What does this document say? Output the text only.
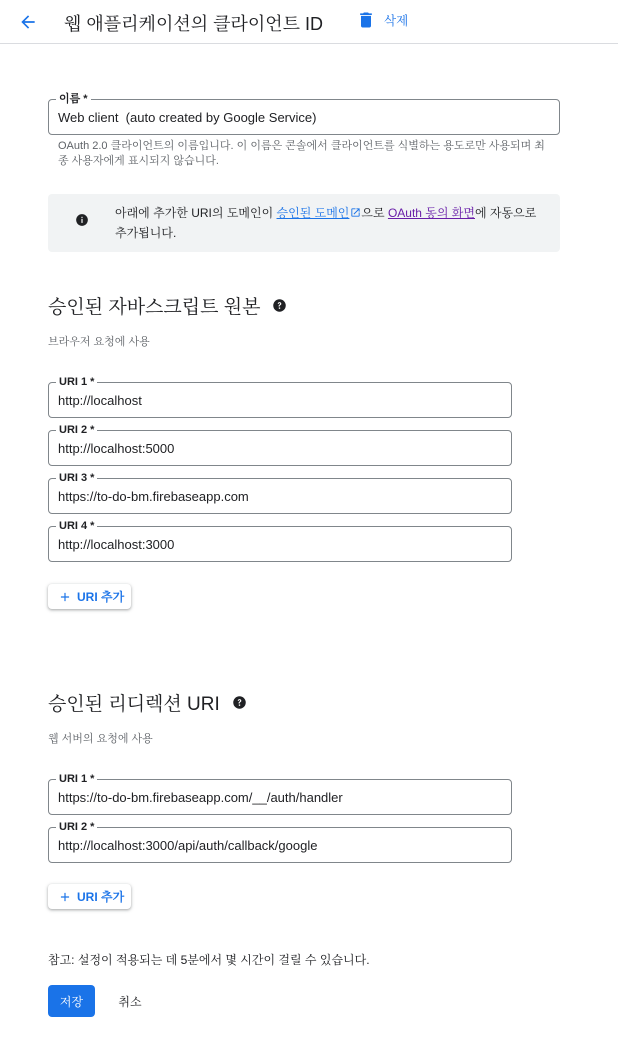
웹 애플리케이션의 클라이언트 ID	삭제
이름 *
Web client (auto created by Google Service)
OAuth 2.0 클라이언트의 이름입니다. 이 이름은 콘솔에서 클라이언트를 식별하는 용도로만 사용되며 최종 사용자에게 표시되지 않습니다.
아래에 추가한 URI의 도메인이 승인된 도메인 으로 OAuth 동의 화면에 자동으로 추가됩니다.
승인된 자바스크립트 원본
브라우저 요청에 사용
URI 1 *
http://localhost
URI 2 *
http://localhost:5000
URI 3 *
https://to-do-bm.firebaseapp.com
URI 4 *
http://localhost:3000
URI 추가
승인된 리디렉션 URI
웹 서버의 요청에 사용
URI 1 *
https://to-do-bm.firebaseapp.com/__/auth/handler
URI 2 *
http://localhost:3000/api/auth/callback/google
URI 추가
참고: 설정이 적용되는 데 5분에서 몇 시간이 걸릴 수 있습니다.
저장	취소
